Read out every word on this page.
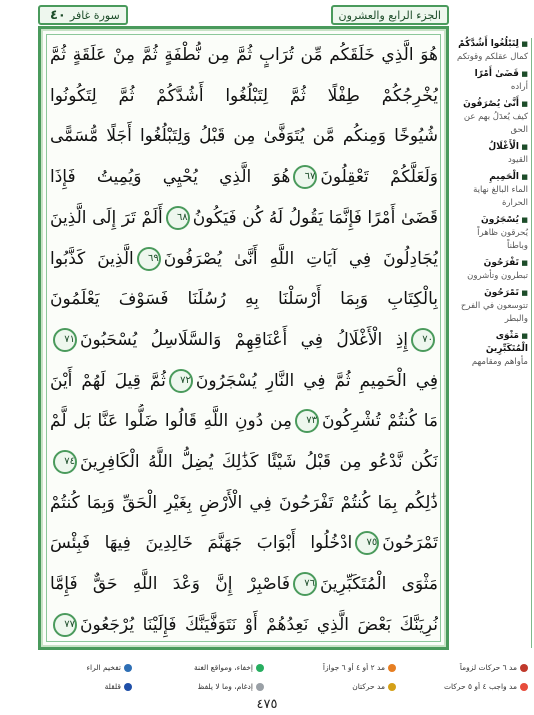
الجزء الرابع والعشرون
سورة غافر
٤٠
هُوَ الَّذِي خَلَقَكُم مِّن تُرَابٍ ثُمَّ مِن نُّطْفَةٍ ثُمَّ مِنْ عَلَقَةٍ ثُمَّ
يُخْرِجُكُمْ طِفْلًا ثُمَّ لِتَبْلُغُوا أَشُدَّكُمْ ثُمَّ لِتَكُونُوا
شُيُوخًا وَمِنكُم مَّن يُتَوَفَّىٰ مِن قَبْلُ وَلِتَبْلُغُوا أَجَلًا مُّسَمًّى
وَلَعَلَّكُمْ تَعْقِلُونَ٦٧هُوَ الَّذِي يُحْيِي وَيُمِيتُ فَإِذَا
قَضَىٰ أَمْرًا فَإِنَّمَا يَقُولُ لَهُ كُن فَيَكُونُ٦٨أَلَمْ تَرَ إِلَى الَّذِينَ
يُجَادِلُونَ فِي آيَاتِ اللَّهِ أَنَّىٰ يُصْرَفُونَ٦٩الَّذِينَ كَذَّبُوا
بِالْكِتَابِ وَبِمَا أَرْسَلْنَا بِهِ رُسُلَنَا فَسَوْفَ يَعْلَمُونَ
٧٠إِذِ الْأَغْلَالُ فِي أَعْنَاقِهِمْ وَالسَّلَاسِلُ يُسْحَبُونَ٧١
فِي الْحَمِيمِ ثُمَّ فِي النَّارِ يُسْجَرُونَ٧٢ثُمَّ قِيلَ لَهُمْ أَيْنَ
مَا كُنتُمْ تُشْرِكُونَ٧٣مِن دُونِ اللَّهِ قَالُوا ضَلُّوا عَنَّا بَل لَّمْ
نَكُن نَّدْعُو مِن قَبْلُ شَيْئًا كَذَٰلِكَ يُضِلُّ اللَّهُ الْكَافِرِينَ٧٤
ذَٰلِكُم بِمَا كُنتُمْ تَفْرَحُونَ فِي الْأَرْضِ بِغَيْرِ الْحَقِّ وَبِمَا كُنتُمْ
تَمْرَحُونَ٧٥ادْخُلُوا أَبْوَابَ جَهَنَّمَ خَالِدِينَ فِيهَا فَبِئْسَ
مَثْوَى الْمُتَكَبِّرِينَ٧٦فَاصْبِرْ إِنَّ وَعْدَ اللَّهِ حَقٌّ فَإِمَّا
نُرِيَنَّكَ بَعْضَ الَّذِي نَعِدُهُمْ أَوْ نَتَوَفَّيَنَّكَ فَإِلَيْنَا يُرْجَعُونَ٧٧
■ لِتَبْلُغُوا أَشُدَّكُمْ
كمال عقلكم وقوتكم
■ قَضَىٰ أَمْرًا
أراده
■ أَنَّىٰ يُصْرَفُونَ
كيف يُعدَلُ بهم عن الحق
■ الْأَغْلَالُ
القيود
■ الْحَمِيمِ
الماء البالغ نهاية الحرارة
■ يُسْجَرُونَ
يُحرقون ظاهراً وباطناً
■ تَفْرَحُونَ
تبطرون وتأشرون
■ تَمْرَحُونَ
تتوسعون في الفرح والبطر
■ مَثْوَى الْمُتَكَبِّرِينَ
مأواهم ومقامهم
مد ٦ حركات لزوماً
مد ٢ أو ٤ أو ٦ جوازاً
إخفاء، ومواقع الغنة
تفخيم الراء
مد واجب ٤ أو ٥ حركات
مد حركتان
إدغام، وما لا يلفظ
قلقلة
٤٧٥
